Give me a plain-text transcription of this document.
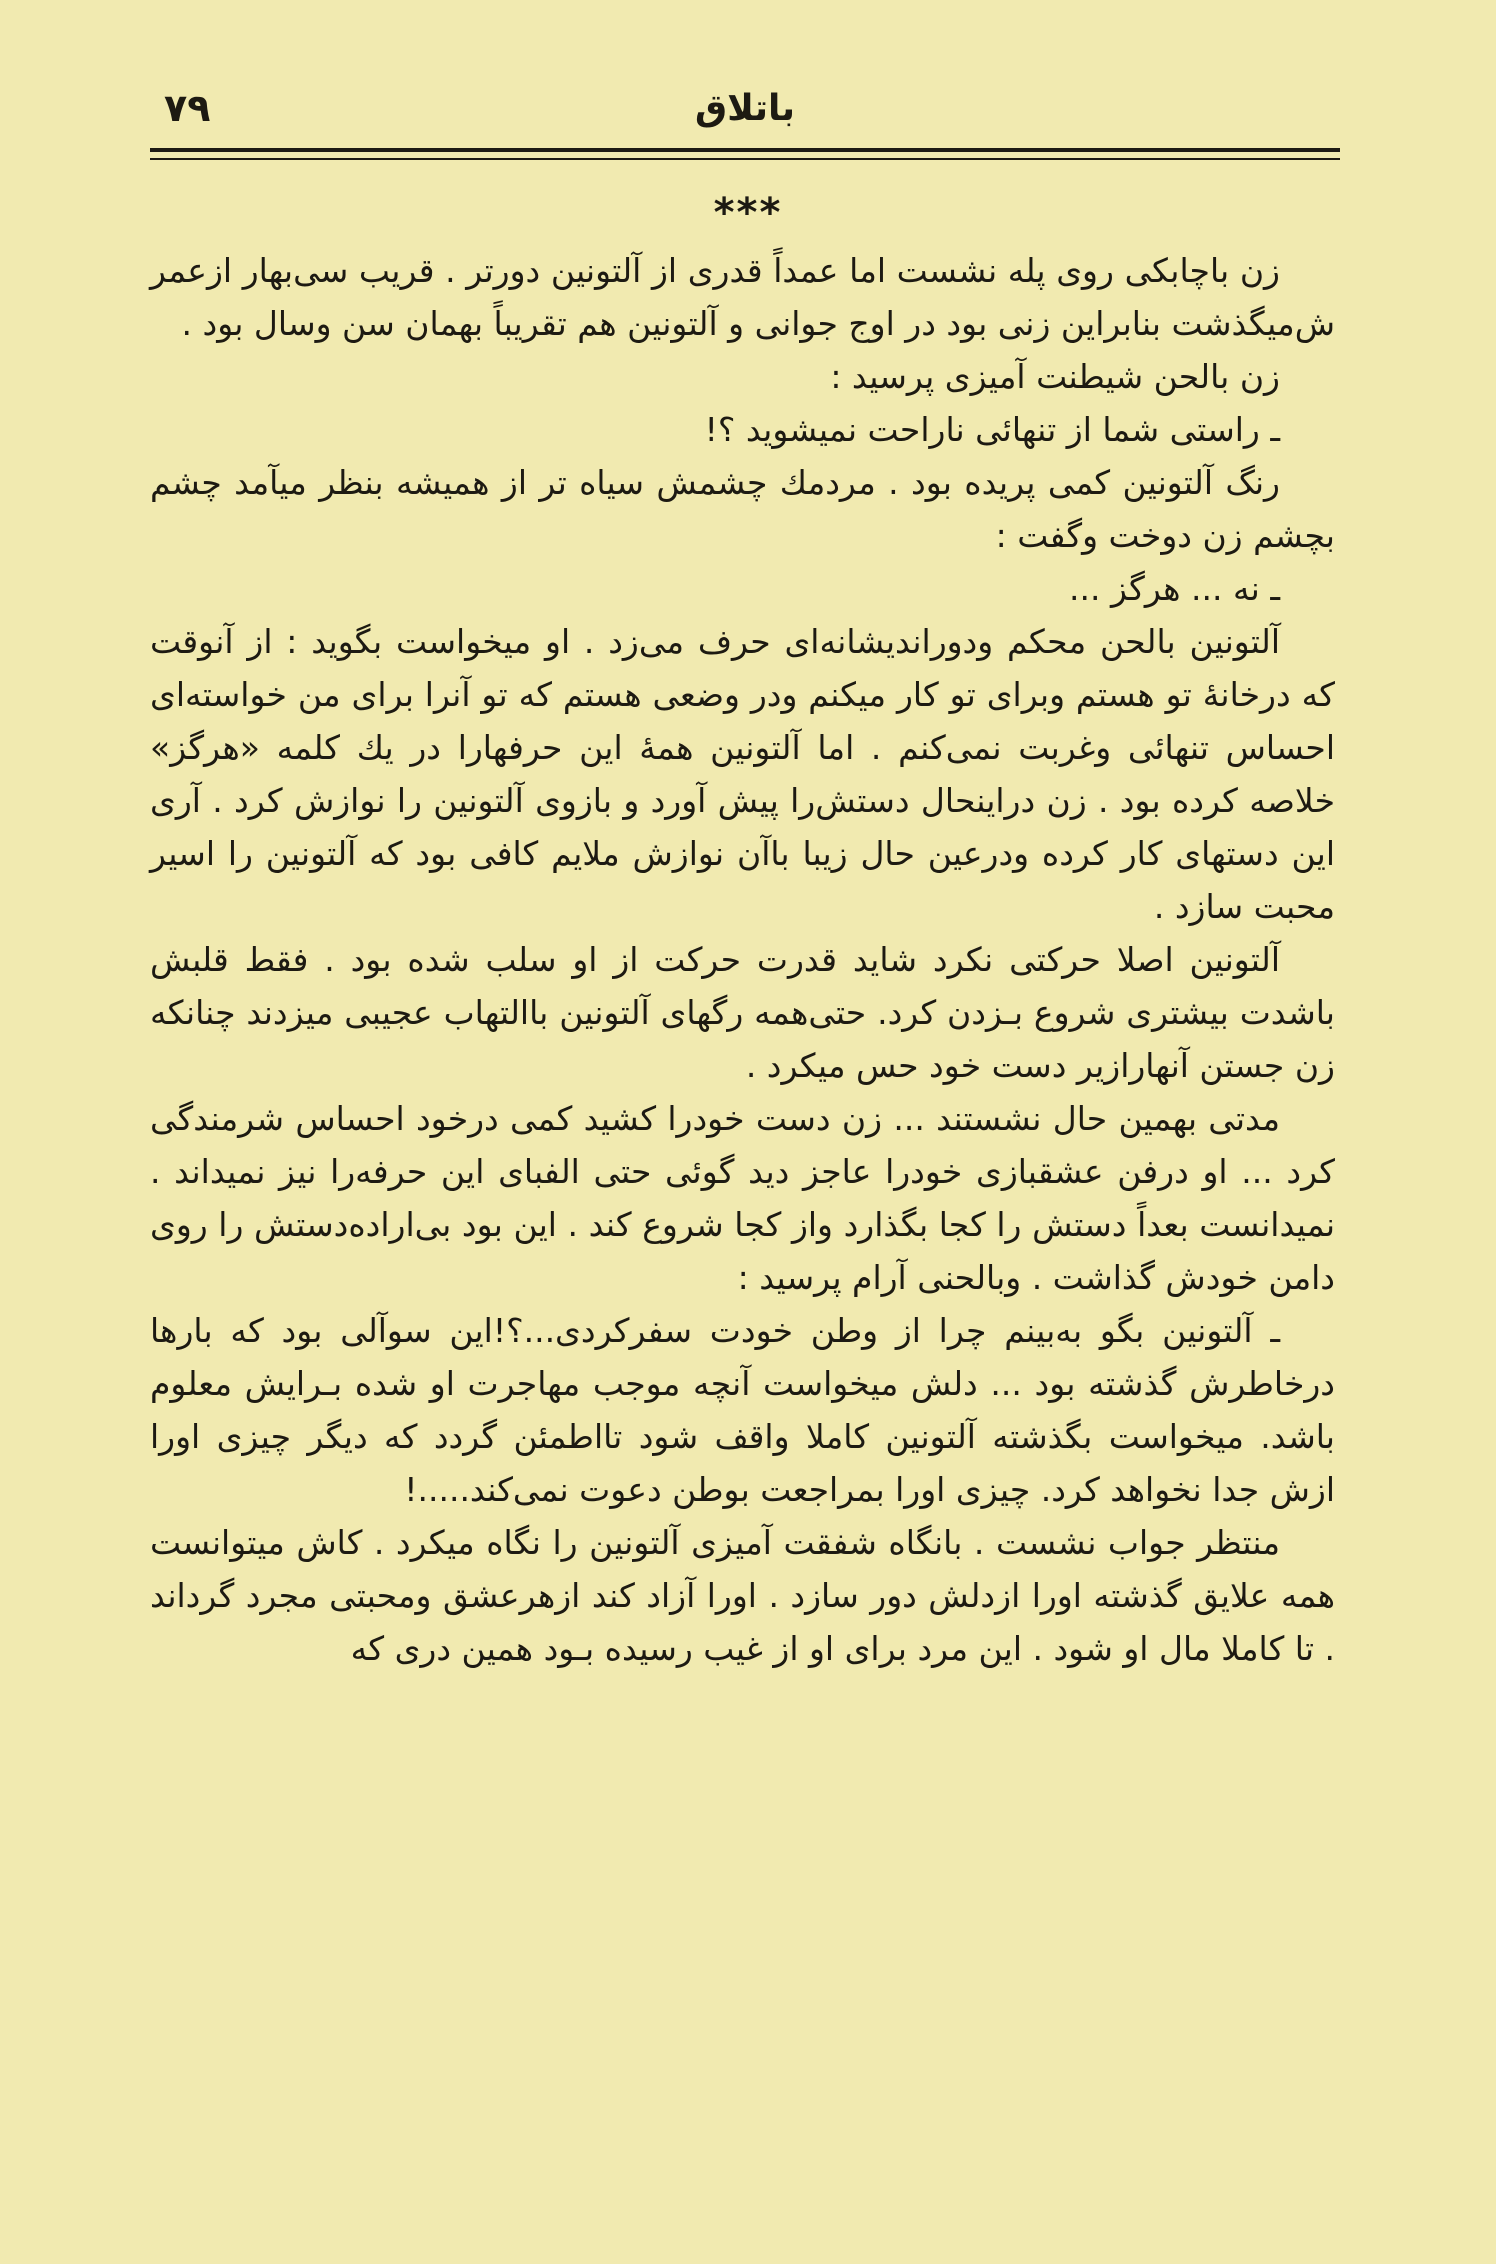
۷۹	باتلاق
***

زن باچابکی روی پله نشست اما عمداً قدری از آلتونین دورتر . قریب سی‌بهار ازعمر ش‌میگذشت بنابراین زنی بود در اوج جوانی و آلتونین هم تقریباً بهمان سن وسال بود .

زن بالحن شیطنت آمیزی پرسید :

ـ راستی شما از تنهائی ناراحت نمیشوید ؟!

رنگ آلتونین کمی پریده بود . مردمك چشمش سیاه تر از همیشه بنظر میآمد چشم بچشم زن دوخت وگفت :

ـ نه ... هرگز ...

آلتونین بالحن محکم ودوراندیشانه‌ای حرف می‌زد . او میخواست بگوید : از آنوقت که درخانهٔ تو هستم وبرای تو کار میکنم ودر وضعی هستم که تو آنرا برای من خواسته‌ای احساس تنهائی وغربت نمی‌کنم . اما آلتونین همهٔ این حرفهارا در یك کلمه «هرگز» خلاصه کرده بود . زن دراینحال دستش‌را پیش آورد و بازوی آلتونین را نوازش کرد . آری این دستهای کار کرده ودرعین حال زیبا باآن نوازش ملایم کافی بود که آلتونین را اسیر محبت سازد .

آلتونین اصلا حرکتی نکرد شاید قدرت حرکت از او سلب شده بود . فقط قلبش باشدت بیشتری شروع بـزدن کرد. حتی‌همه رگهای آلتونین باالتهاب عجیبی میزدند چنانکه زن جستن آنهارازیر دست خود حس میکرد .

مدتی بهمین حال نشستند ... زن دست خودرا کشید کمی درخود احساس شرمندگی کرد ... او درفن عشقبازی خودرا عاجز دید گوئی حتی الفبای این حرفه‌را نیز نمیداند . نمیدانست بعداً دستش را کجا بگذارد واز کجا شروع کند . این بود بی‌اراده‌دستش را روی دامن خودش گذاشت . وبالحنی آرام پرسید :

ـ آلتونین بگو به‌بینم چرا از وطن خودت سفرکردی...؟!این سوآلی بود که بارها درخاطرش گذشته بود ... دلش میخواست آنچه موجب مهاجرت او شده بـرایش معلوم باشد. میخواست بگذشته آلتونین کاملا واقف شود تااطمئن گردد که دیگر چیزی اورا ازش جدا نخواهد کرد. چیزی اورا بمراجعت بوطن دعوت نمی‌کند.....!

منتظر جواب نشست . بانگاه شفقت آمیزی آلتونین را نگاه میکرد . کاش میتوانست همه علایق گذشته اورا ازدلش دور سازد . اورا آزاد کند ازهرعشق ومحبتی مجرد گرداند . تا کاملا مال او شود . این مرد برای او از غیب رسیده بـود همین دری که
